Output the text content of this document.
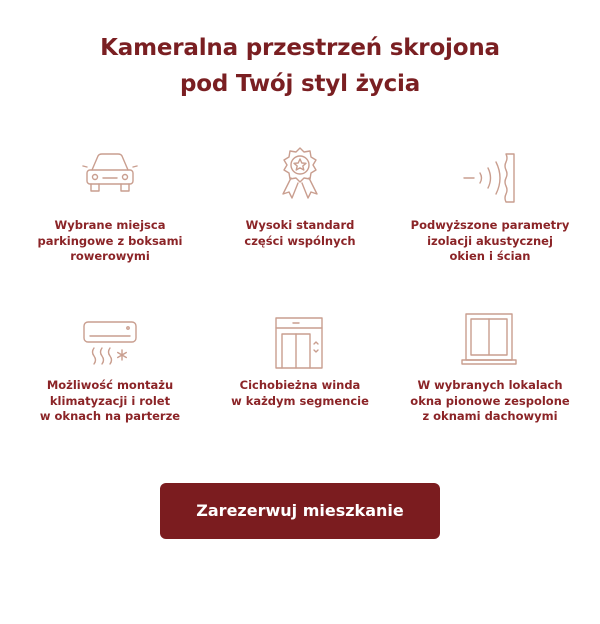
Kameralna przestrzeń skrojona
pod Twój styl życia
Wybrane miejsca
parkingowe z boksami
rowerowymi
Wysoki standard
części wspólnych
Podwyższone parametry
izolacji akustycznej
okien i ścian
Możliwość montażu
klimatyzacji i rolet
w oknach na parterze
Cichobieżna winda
w każdym segmencie
W wybranych lokalach
okna pionowe zespolone
z oknami dachowymi
Zarezerwuj mieszkanie
